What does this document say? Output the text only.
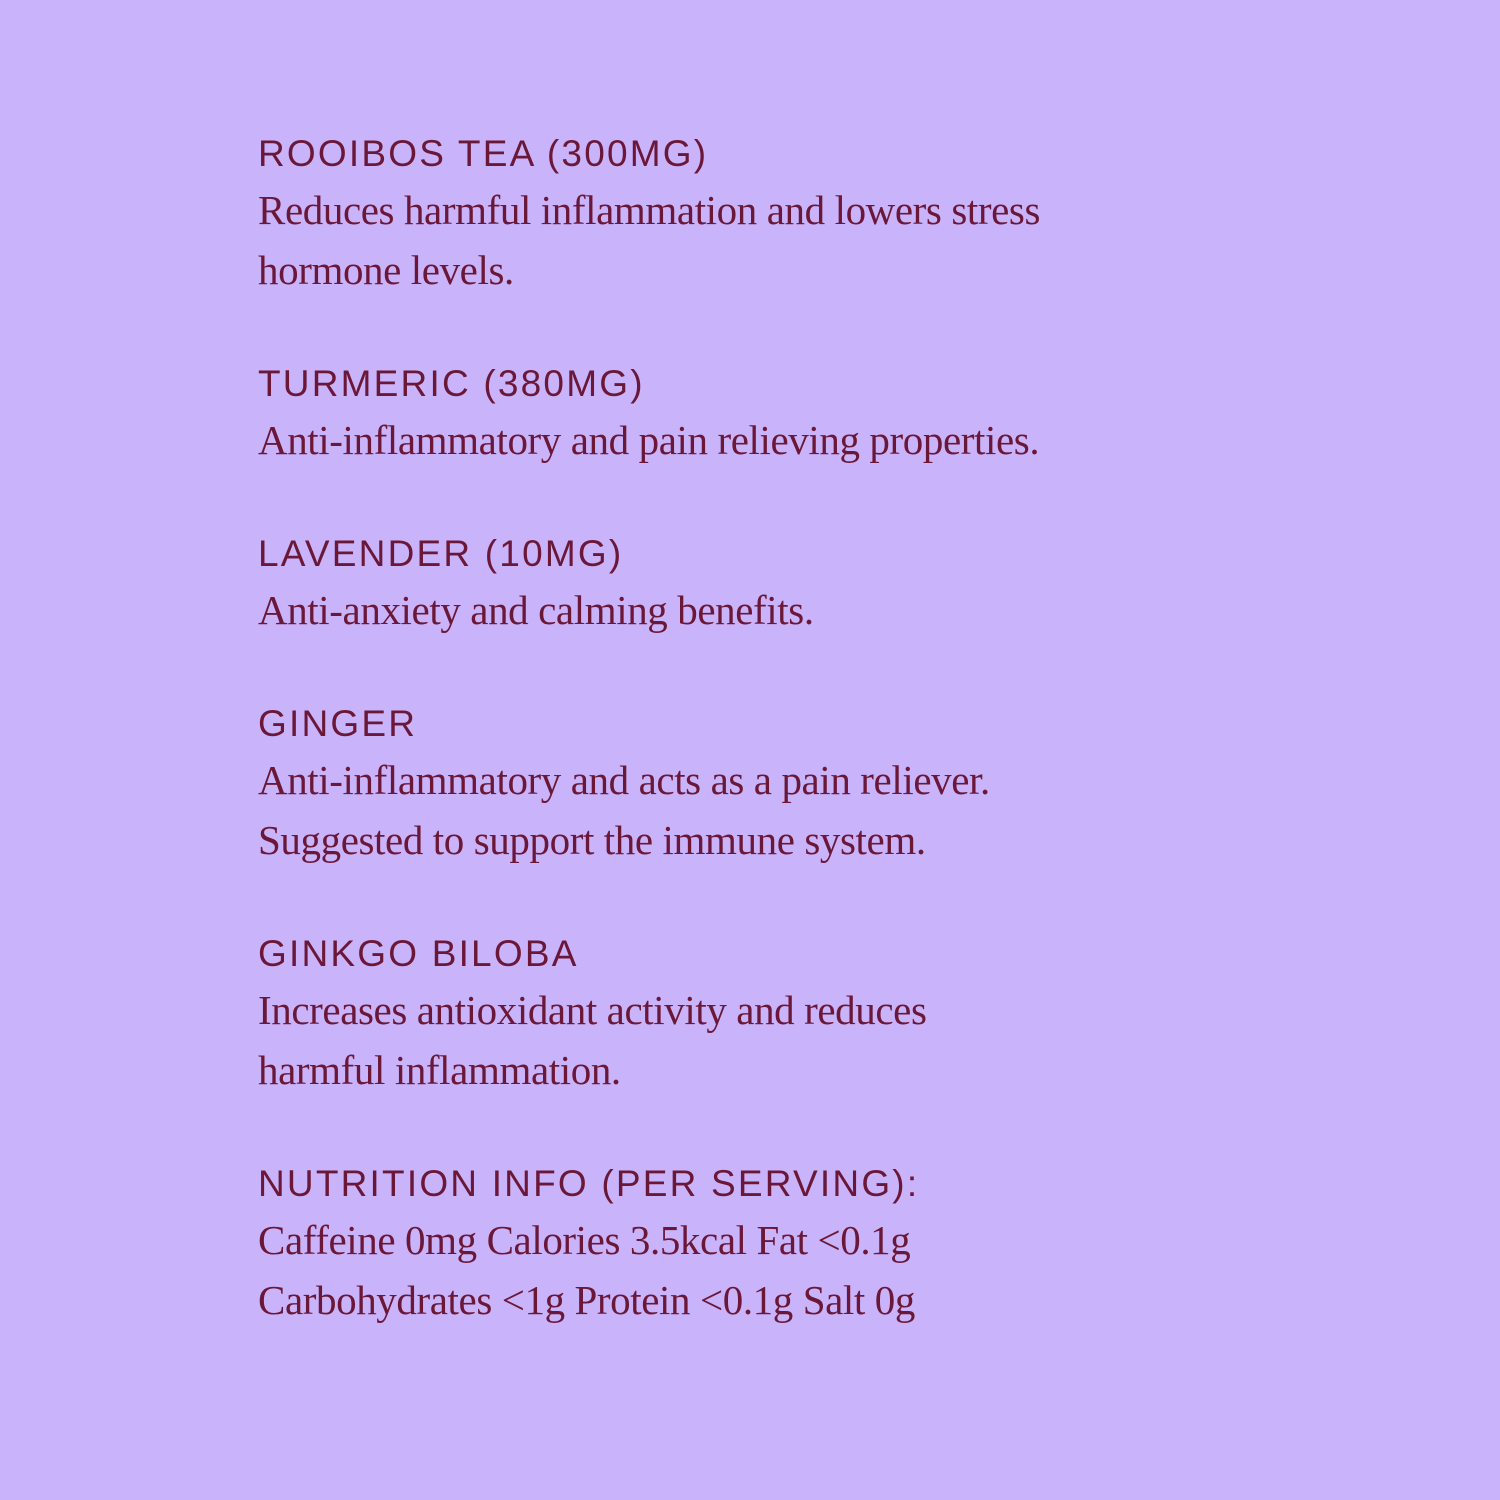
ROOIBOS TEA (300MG)
Reduces harmful inflammation and lowers stress
hormone levels.
TURMERIC (380MG)
Anti-inflammatory and pain relieving properties.
LAVENDER (10MG)
Anti-anxiety and calming benefits.
GINGER
Anti-inflammatory and acts as a pain reliever.
Suggested to support the immune system.
GINKGO BILOBA
Increases antioxidant activity and reduces
harmful inflammation.
NUTRITION INFO (PER SERVING):
Caffeine 0mg Calories 3.5kcal Fat <0.1g
Carbohydrates <1g Protein <0.1g Salt 0g
